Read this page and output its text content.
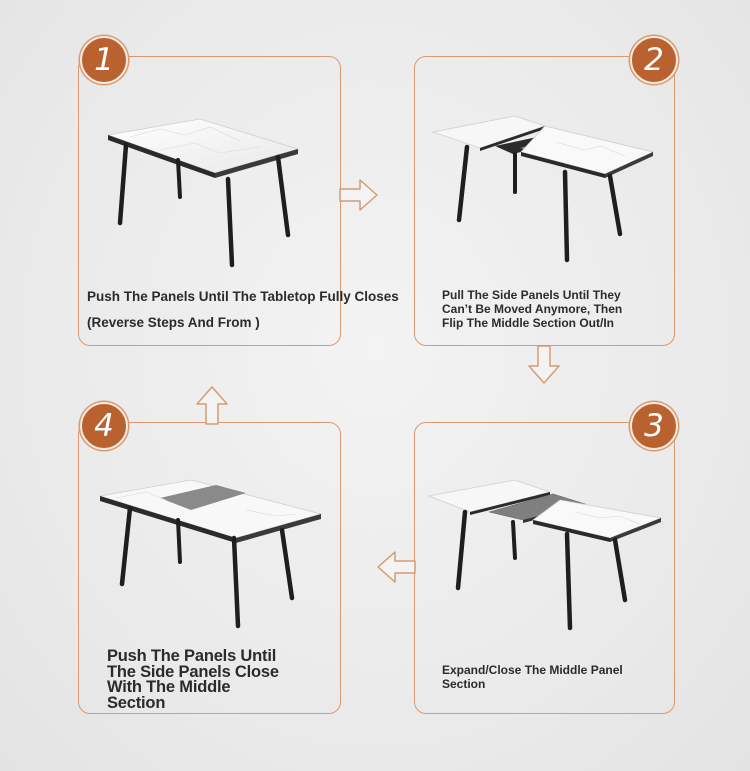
1
Push The Panels Until The Tabletop Fully Closes
(Reverse Steps And From )
2
Pull The Side Panels Until They
Can’t Be Moved Anymore, Then
Flip The Middle Section Out/In
3
Expand/Close The Middle Panel
Section
4
Push The Panels Until
The Side Panels Close
With The Middle
Section
